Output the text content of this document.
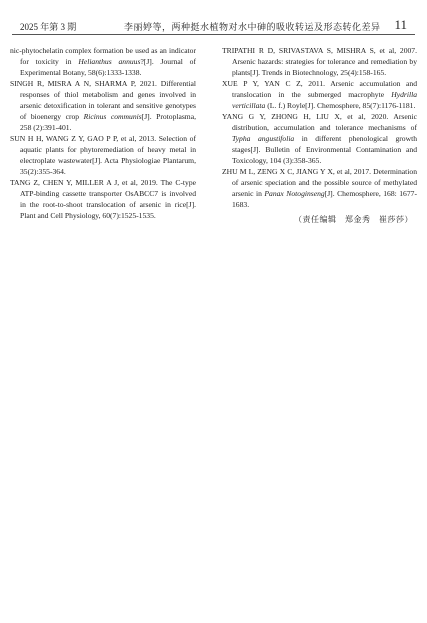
2025 年第 3 期	李丽婷等，两种挺水植物对水中砷的吸收转运及形态转化差异 11

nic-phytochelatin complex formation be used as an indicator for toxicity in Helianthus annuus?[J]. Journal of Experimental Botany, 58(6):1333-1338.

SINGH R, MISRA A N, SHARMA P, 2021. Differential responses of thiol metabolism and genes involved in arsenic detoxification in tolerant and sensitive genotypes of bioenergy crop Ricinus communis[J]. Protoplasma, 258 (2):391-401.

SUN H H, WANG Z Y, GAO P P, et al, 2013. Selection of aquatic plants for phytoremediation of heavy metal in electroplate wastewater[J]. Acta Physiologiae Plantarum, 35(2):355-364.

TANG Z, CHEN Y, MILLER A J, et al, 2019. The C-type ATP-binding cassette transporter OsABCC7 is involved in the root-to-shoot translocation of arsenic in rice[J]. Plant and Cell Physiology, 60(7):1525-1535.

TRIPATHI R D, SRIVASTAVA S, MISHRA S, et al, 2007. Arsenic hazards: strategies for tolerance and remediation by plants[J]. Trends in Biotechnology, 25(4):158-165.

XUE P Y, YAN C Z, 2011. Arsenic accumulation and translocation in the submerged macrophyte Hydrilla verticillata (L. f.) Royle[J]. Chemosphere, 85(7):1176-1181.

YANG G Y, ZHONG H, LIU X, et al, 2020. Arsenic distribution, accumulation and tolerance mechanisms of Typha angustifolia in different phenological growth stages[J]. Bulletin of Environmental Contamination and Toxicology, 104 (3):358-365.

ZHU M L, ZENG X C, JIANG Y X, et al, 2017. Determination of arsenic speciation and the possible source of methylated arsenic in Panax Notoginseng[J]. Chemosphere, 168: 1677-1683.

（责任编辑　郑金秀　崔莎莎）
